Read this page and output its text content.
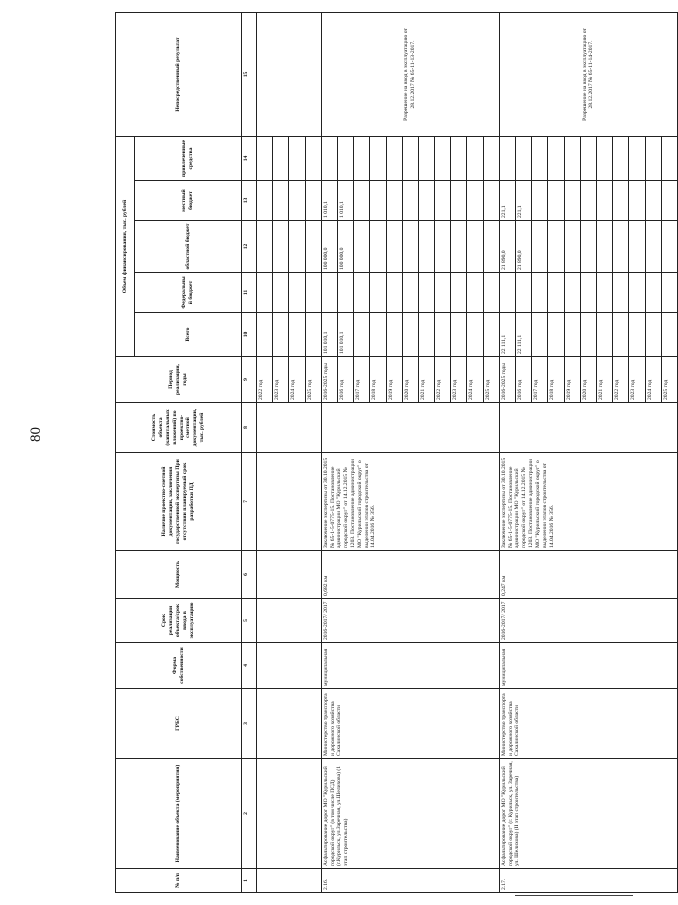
80
№ п/п	Наименование объекта (мероприятия)	ГРБС	Форма собственности	Срок реализации объекта/срок ввода в эксплуатацию	Мощность	Наличие проектно-сметной документации, заключения государственной экспертизы При отсутствии планируемый срок разработки ПД	Стоимость объекта (капитальных вложений) по проектно-сметной документации, тыс. рублей	Период реализации, годы	Объем финансирования, тыс. рублей					Непосредственный результат
									Всего	Федеральный бюджет	областной бюджет	местный бюджет	привлеченные средства	
1	2	3	4	5	6	7	8	9	10	11	12	13	14	15
								2022 год						
								2023 год						
								2024 год						
								2025 год						
2.16.	Асфальтирование дорог МО "Курильский городской округ" (в том числе ПСД) (г.Курильск, ул.Заречная, ул.Шелихова) (1 этап строительства)	Министерство транспорта и дорожного хозяйства Сахалинской области	муниципальная	2016-2017/ 2017	0,682 км	Заключение экспертизы от 30.10.2015 № 65-1-5-0775-15. Постановление администрации МО "Курильский городской округ" от 14.12.2015 № 1203. Постановление администрации МО "Курильский городской округ" о выделении этапов строительства от 14.04.2016 № 356.		2016-2025 годы	101 010,1		100 000,0	1 010,1		Разрешение на ввод в эксплуатацию от 28.12.2017 № 65-11-13-2017.
								2016 год	101 010,1		100 000,0	1 010,1		
								2017 год						
								2018 год						
								2019 год						
								2020 год						
								2021 год						
								2022 год						
								2023 год						
								2024 год						
								2025 год						
2.17.	Асфальтирование дорог МО "Курильский городской округ" (г. Курильск, ул. Заречная, ул. Шелихова) (II этап строительства)	Министерство транспорта и дорожного хозяйства Сахалинской области	муниципальная	2016-2017/ 2017	0,247 км	Заключение экспертизы от 30.10.2015 № 65-1-5-0775-15. Постановление администрации МО "Курильский городской округ" от 14.12.2015 № 1203. Постановление администрации МО "Курильский городской округ" о выделении этапов строительства от 14.04.2016 № 356.		2016-2025 годы	22 111,1		21 890,0	221,1		Разрешение на ввод в эксплуатацию от 28.12.2017 № 65-11-14-2017.
								2016 год	22 111,1		21 890,0	221,1		
								2017 год						
								2018 год						
								2019 год						
								2020 год						
								2021 год						
								2022 год						
								2023 год						
								2024 год						
								2025 год						
